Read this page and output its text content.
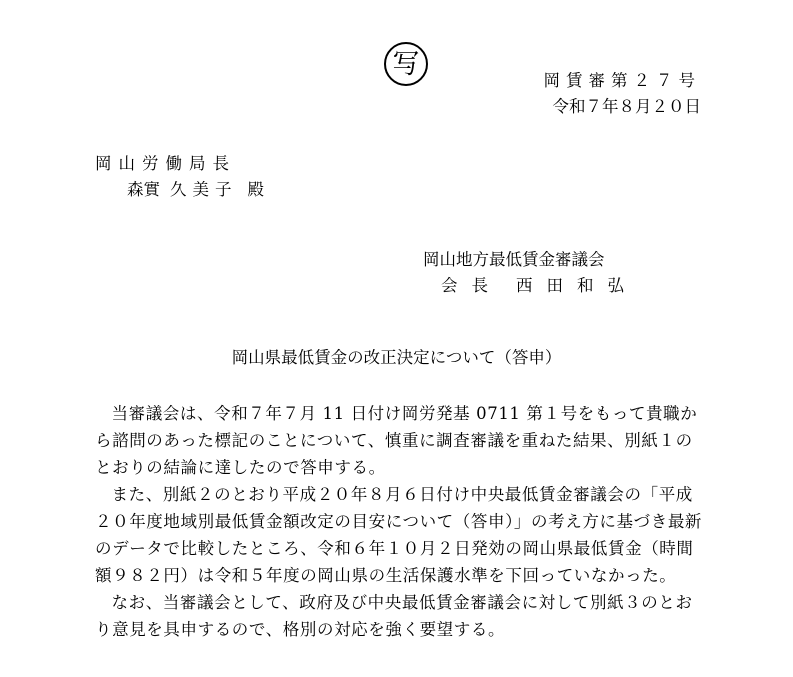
写
岡賃審第２７号
令和７年８月２０日
岡山労働局長
森實 久美子 殿
岡山地方最低賃金審議会
会長 西田和弘
岡山県最低賃金の改正決定について（答申）

当審議会は、令和７年７月 11 日付け岡労発基 0711 第１号をもって貴職から諮問のあった標記のことについて、慎重に調査審議を重ねた結果、別紙１のとおりの結論に達したので答申する。

また、別紙２のとおり平成２０年８月６日付け中央最低賃金審議会の「平成２０年度地域別最低賃金額改定の目安について（答申）」の考え方に基づき最新のデータで比較したところ、令和６年１０月２日発効の岡山県最低賃金（時間額９８２円）は令和５年度の岡山県の生活保護水準を下回っていなかった。

なお、当審議会として、政府及び中央最低賃金審議会に対して別紙３のとおり意見を具申するので、格別の対応を強く要望する。
